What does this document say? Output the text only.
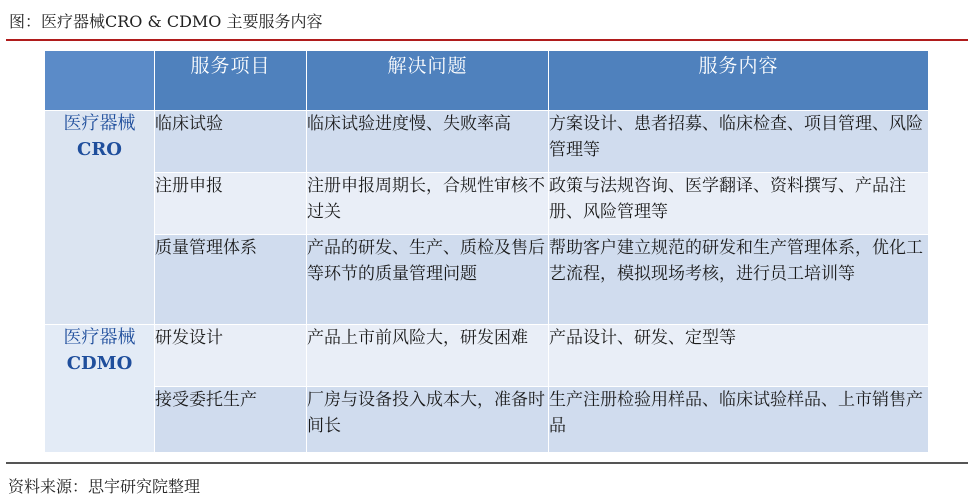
图：医疗器械CRO & CDMO 主要服务内容
	服务项目	解决问题	服务内容

医疗器械
CRO	临床试验	临床试验进度慢、失败率高	方案设计、患者招募、临床检查、项目管理、风险管理等
	注册申报	注册申报周期长，合规性审核不过关	政策与法规咨询、医学翻译、资料撰写、产品注册、风险管理等
	质量管理体系	产品的研发、生产、质检及售后等环节的质量管理问题	帮助客户建立规范的研发和生产管理体系，优化工艺流程，模拟现场考核，进行员工培训等

医疗器械
CDMO	研发设计	产品上市前风险大，研发困难	产品设计、研发、定型等
	接受委托生产	厂房与设备投入成本大，准备时间长	生产注册检验用样品、临床试验样品、上市销售产品
资料来源：思宇研究院整理
